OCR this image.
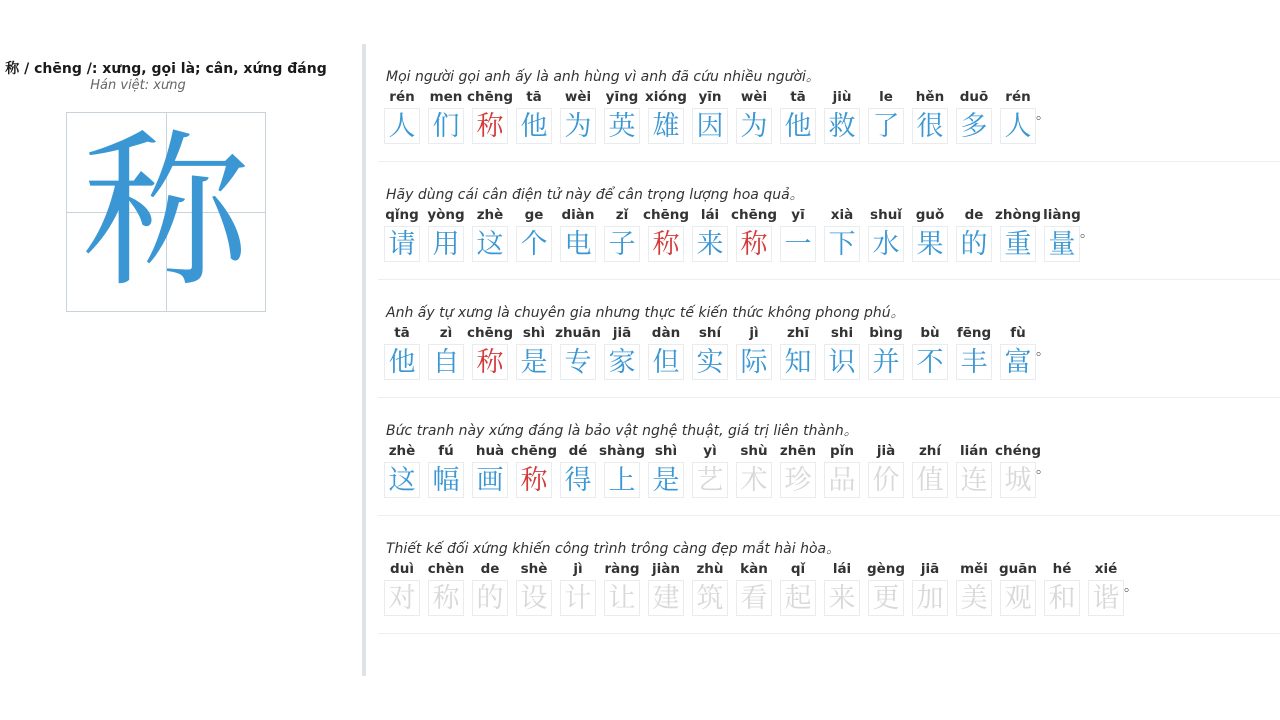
称 / chēng /: xưng, gọi là; cân, xứng đáng
Hán việt: xưng
称
Mọi người gọi anh ấy là anh hùng vì anh đã cứu nhiều người。
rén
人
men
们
chēng
称
tā
他
wèi
为
yīng
英
xióng
雄
yīn
因
wèi
为
tā
他
jiù
救
le
了
hěn
很
duō
多
rén
人 。
Hãy dùng cái cân điện tử này để cân trọng lượng hoa quả。
qǐng
请
yòng
用
zhè
这
ge
个
diàn
电
zǐ
子
chēng
称
lái
来
chēng
称
yī
一
xià
下
shuǐ
水
guǒ
果
de
的
zhòng
重
liàng
量 。
Anh ấy tự xưng là chuyên gia nhưng thực tế kiến thức không phong phú。
tā
他
zì
自
chēng
称
shì
是
zhuān
专
jiā
家
dàn
但
shí
实
jì
际
zhī
知
shi
识
bìng
并
bù
不
fēng
丰
fù
富 。
Bức tranh này xứng đáng là bảo vật nghệ thuật, giá trị liên thành。
zhè
这
fú
幅
huà
画
chēng
称
dé
得
shàng
上
shì
是
yì
艺
shù
术
zhēn
珍
pǐn
品
jià
价
zhí
值
lián
连
chéng
城 。
Thiết kế đối xứng khiến công trình trông càng đẹp mắt hài hòa。
duì
对
chèn
称
de
的
shè
设
jì
计
ràng
让
jiàn
建
zhù
筑
kàn
看
qǐ
起
lái
来
gèng
更
jiā
加
měi
美
guān
观
hé
和
xié
谐 。
